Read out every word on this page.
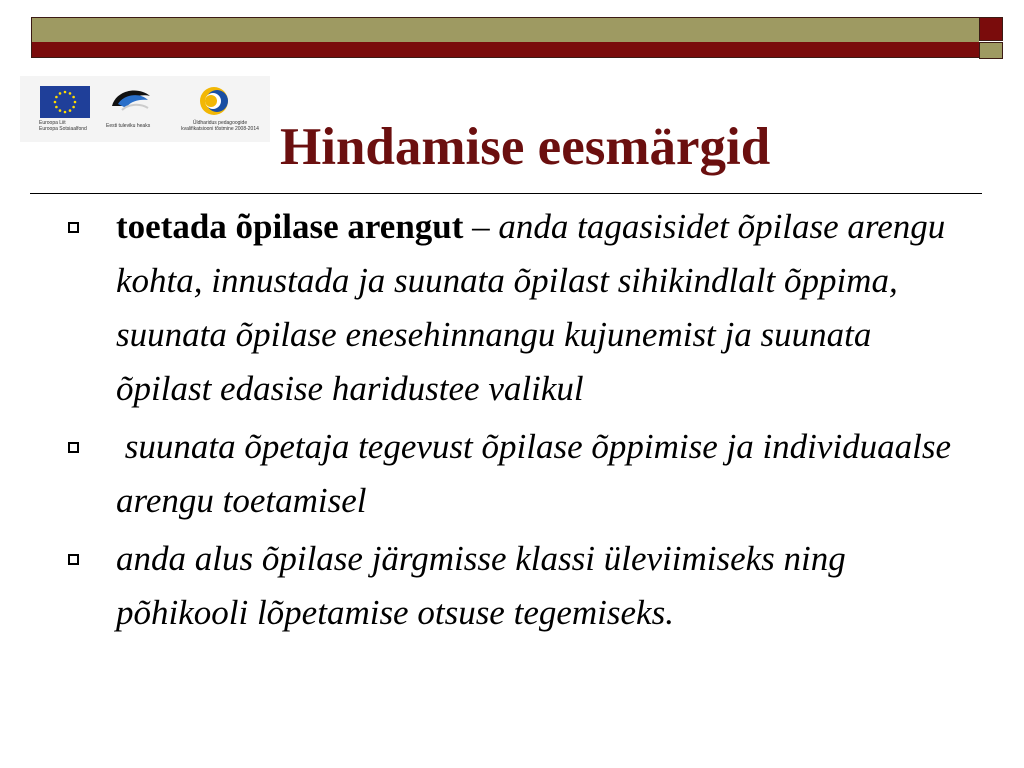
Euroopa Liit
Euroopa Sotsiaalfond	Eesti tuleviku heaks	Üldharidus pedagoogide
kvalifikatsiooni tõstmine 2008-2014 Hindamise eesmärgid
toetada õpilase arengut – anda tagasisidet õpilase arengu kohta, innustada ja suunata õpilast sihikindlalt õppima, suunata õpilase enesehinnangu kujunemist ja suunata õpilast edasise haridustee valikul
suunata õpetaja tegevust õpilase õppimise ja individuaalse arengu toetamisel
anda alus õpilase järgmisse klassi üleviimiseks ning põhikooli lõpetamise otsuse tegemiseks.
